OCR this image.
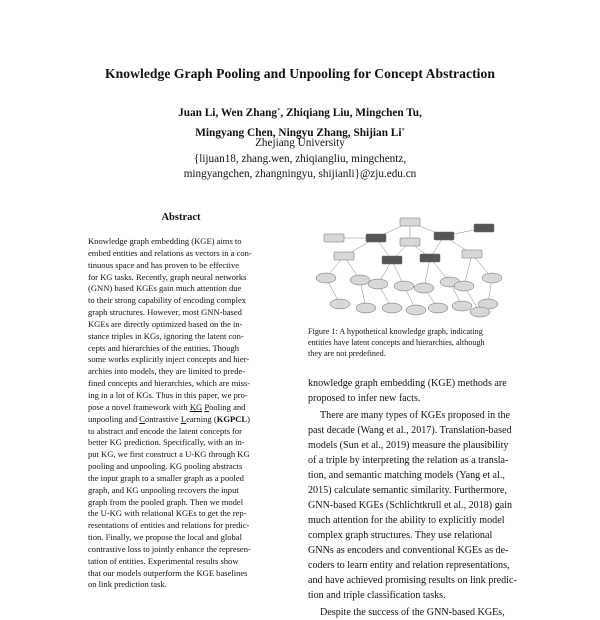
Knowledge Graph Pooling and Unpooling for Concept Abstraction
Juan Li, Wen Zhang*, Zhiqiang Liu, Mingchen Tu,
Mingyang Chen, Ningyu Zhang, Shijian Li*
Zhejiang University
{lijuan18, zhang.wen, zhiqiangliu, mingchentz,
mingyangchen, zhangningyu, shijianli}@zju.edu.cn
Abstract
Knowledge graph embedding (KGE) aims to
embed entities and relations as vectors in a con-
tinuous space and has proven to be effective
for KG tasks. Recently, graph neural networks
(GNN) based KGEs gain much attention due
to their strong capability of encoding complex
graph structures. However, most GNN-based
KGEs are directly optimized based on the in-
stance triples in KGs, ignoring the latent con-
cepts and hierarchies of the entities. Though
some works explicitly inject concepts and hier-
archies into models, they are limited to prede-
fined concepts and hierarchies, which are miss-
ing in a lot of KGs. Thus in this paper, we pro-
pose a novel framework with KG Pooling and
unpooling and Contrastive Learning (KGPCL)
to abstract and encode the latent concepts for
better KG prediction. Specifically, with an in-
put KG, we first construct a U-KG through KG
pooling and unpooling. KG pooling abstracts
the input graph to a smaller graph as a pooled
graph, and KG unpooling recovers the input
graph from the pooled graph. Then we model
the U-KG with relational KGEs to get the rep-
resentations of entities and relations for predic-
tion. Finally, we propose the local and global
contrastive loss to jointly enhance the represen-
tation of entities. Experimental results show
that our models outperform the KGE baselines
on link prediction task.
Figure 1: A hypothetical knowledge graph, indicating
entities have latent concepts and hierarchies, although
they are not predefined.
knowledge graph embedding (KGE) methods are
proposed to infer new facts.
There are many types of KGEs proposed in the
past decade (Wang et al., 2017). Translation-based
models (Sun et al., 2019) measure the plausibility
of a triple by interpreting the relation as a transla-
tion, and semantic matching models (Yang et al.,
2015) calculate semantic similarity. Furthermore,
GNN-based KGEs (Schlichtkrull et al., 2018) gain
much attention for the ability to explicitly model
complex graph structures. They use relational
GNNs as encoders and conventional KGEs as de-
coders to learn entity and relation representations,
and have achieved promising results on link predic-
tion and triple classification tasks.
Despite the success of the GNN-based KGEs,
